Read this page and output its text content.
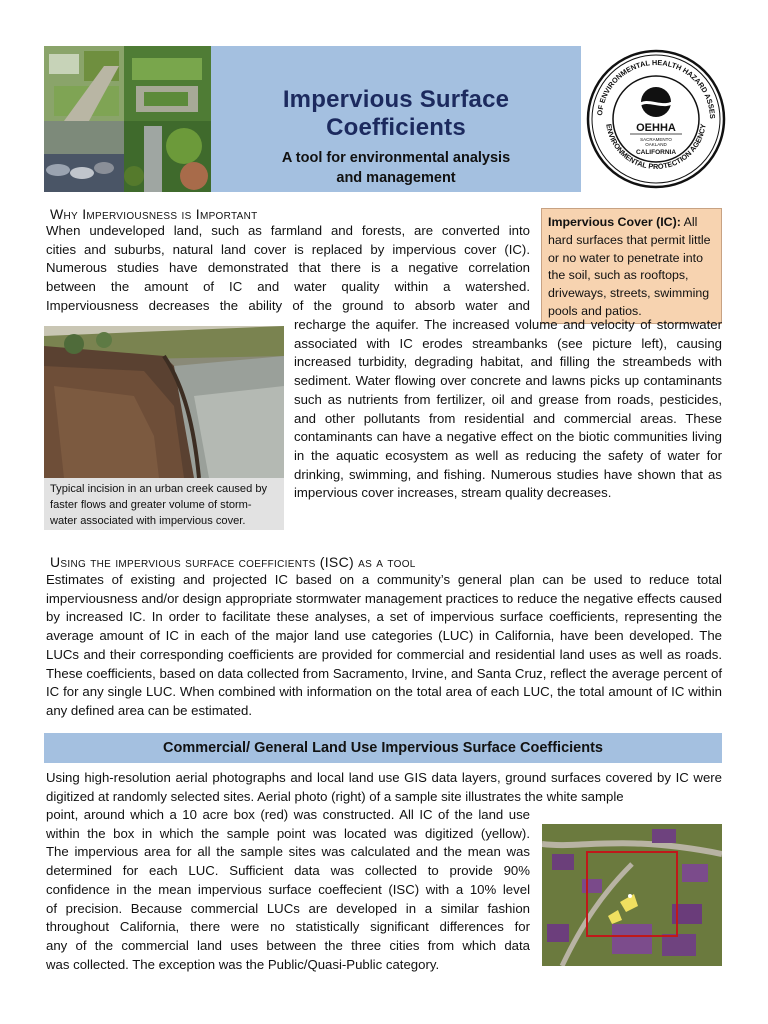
Impervious Surface Coefficients
A tool for environmental analysis
and management
OF ENVIRONMENTAL HEALTH HAZARD ASSES
ENVIRONMENTAL PROTECTION AGENCY
OEHHA
SACRAMENTO
OAKLAND
CALIFORNIA
Why Imperviousness is Important

When undeveloped land, such as farmland and forests, are converted into

cities and suburbs, natural land cover is replaced by impervious cover (IC).

Numerous studies have demonstrated that there is a negative correlation

between the amount of IC and water quality within a watershed.

Imperviousness decreases the ability of the ground to absorb water and

Impervious Cover (IC): All hard surfaces that permit little or no water to penetrate into the soil, such as rooftops, driveways, streets, swimming pools and patios.
Typical incision in an urban creek caused by faster flows and greater volume of storm-water associated with impervious cover.

recharge the aquifer. The increased volume and velocity of stormwater associated with IC erodes streambanks (see picture left), causing increased turbidity, degrading habitat, and filling the streambeds with sediment. Water flowing over concrete and lawns picks up contaminants such as nutrients from fertilizer, oil and grease from roads, pesticides, and other pollutants from residential and commercial areas. These contaminants can have a negative effect on the biotic communities living in the aquatic ecosystem as well as reducing the safety of water for drinking, swimming, and fishing. Numerous studies have shown that as impervious cover increases, stream quality decreases.

Using the impervious surface coefficients (ISC) as a tool

Estimates of existing and projected IC based on a community’s general plan can be used to reduce total imperviousness and/or design appropriate stormwater management practices to reduce the negative effects caused by increased IC. In order to facilitate these analyses, a set of impervious surface coefficients, representing the average amount of IC in each of the major land use categories (LUC) in California, have been developed. The LUCs and their corresponding coefficients are provided for commercial and residential land uses as well as roads. These coefficients, based on data collected from Sacramento, Irvine, and Santa Cruz, reflect the average percent of IC for any single LUC. When combined with information on the total area of each LUC, the total amount of IC within any defined area can be estimated.

Commercial/ General Land Use Impervious Surface Coefficients

Using high-resolution aerial photographs and local land use GIS data layers, ground surfaces covered by IC were digitized at randomly selected sites. Aerial photo (right) of a sample site illustrates the white sample

point, around which a 10 acre box (red) was constructed. All IC of the land use

within the box in which the sample point was located was digitized (yellow).

The impervious area for all the sample sites was calculated and the mean was

determined for each LUC. Sufficient data was collected to provide 90%

confidence in the mean impervious surface coeffecient (ISC) with a 10% level

of precision. Because commercial LUCs are developed in a similar fashion

throughout California, there were no statistically significant differences for

any of the commercial land uses between the three cities from which data

was collected. The exception was the Public/Quasi-Public category.
